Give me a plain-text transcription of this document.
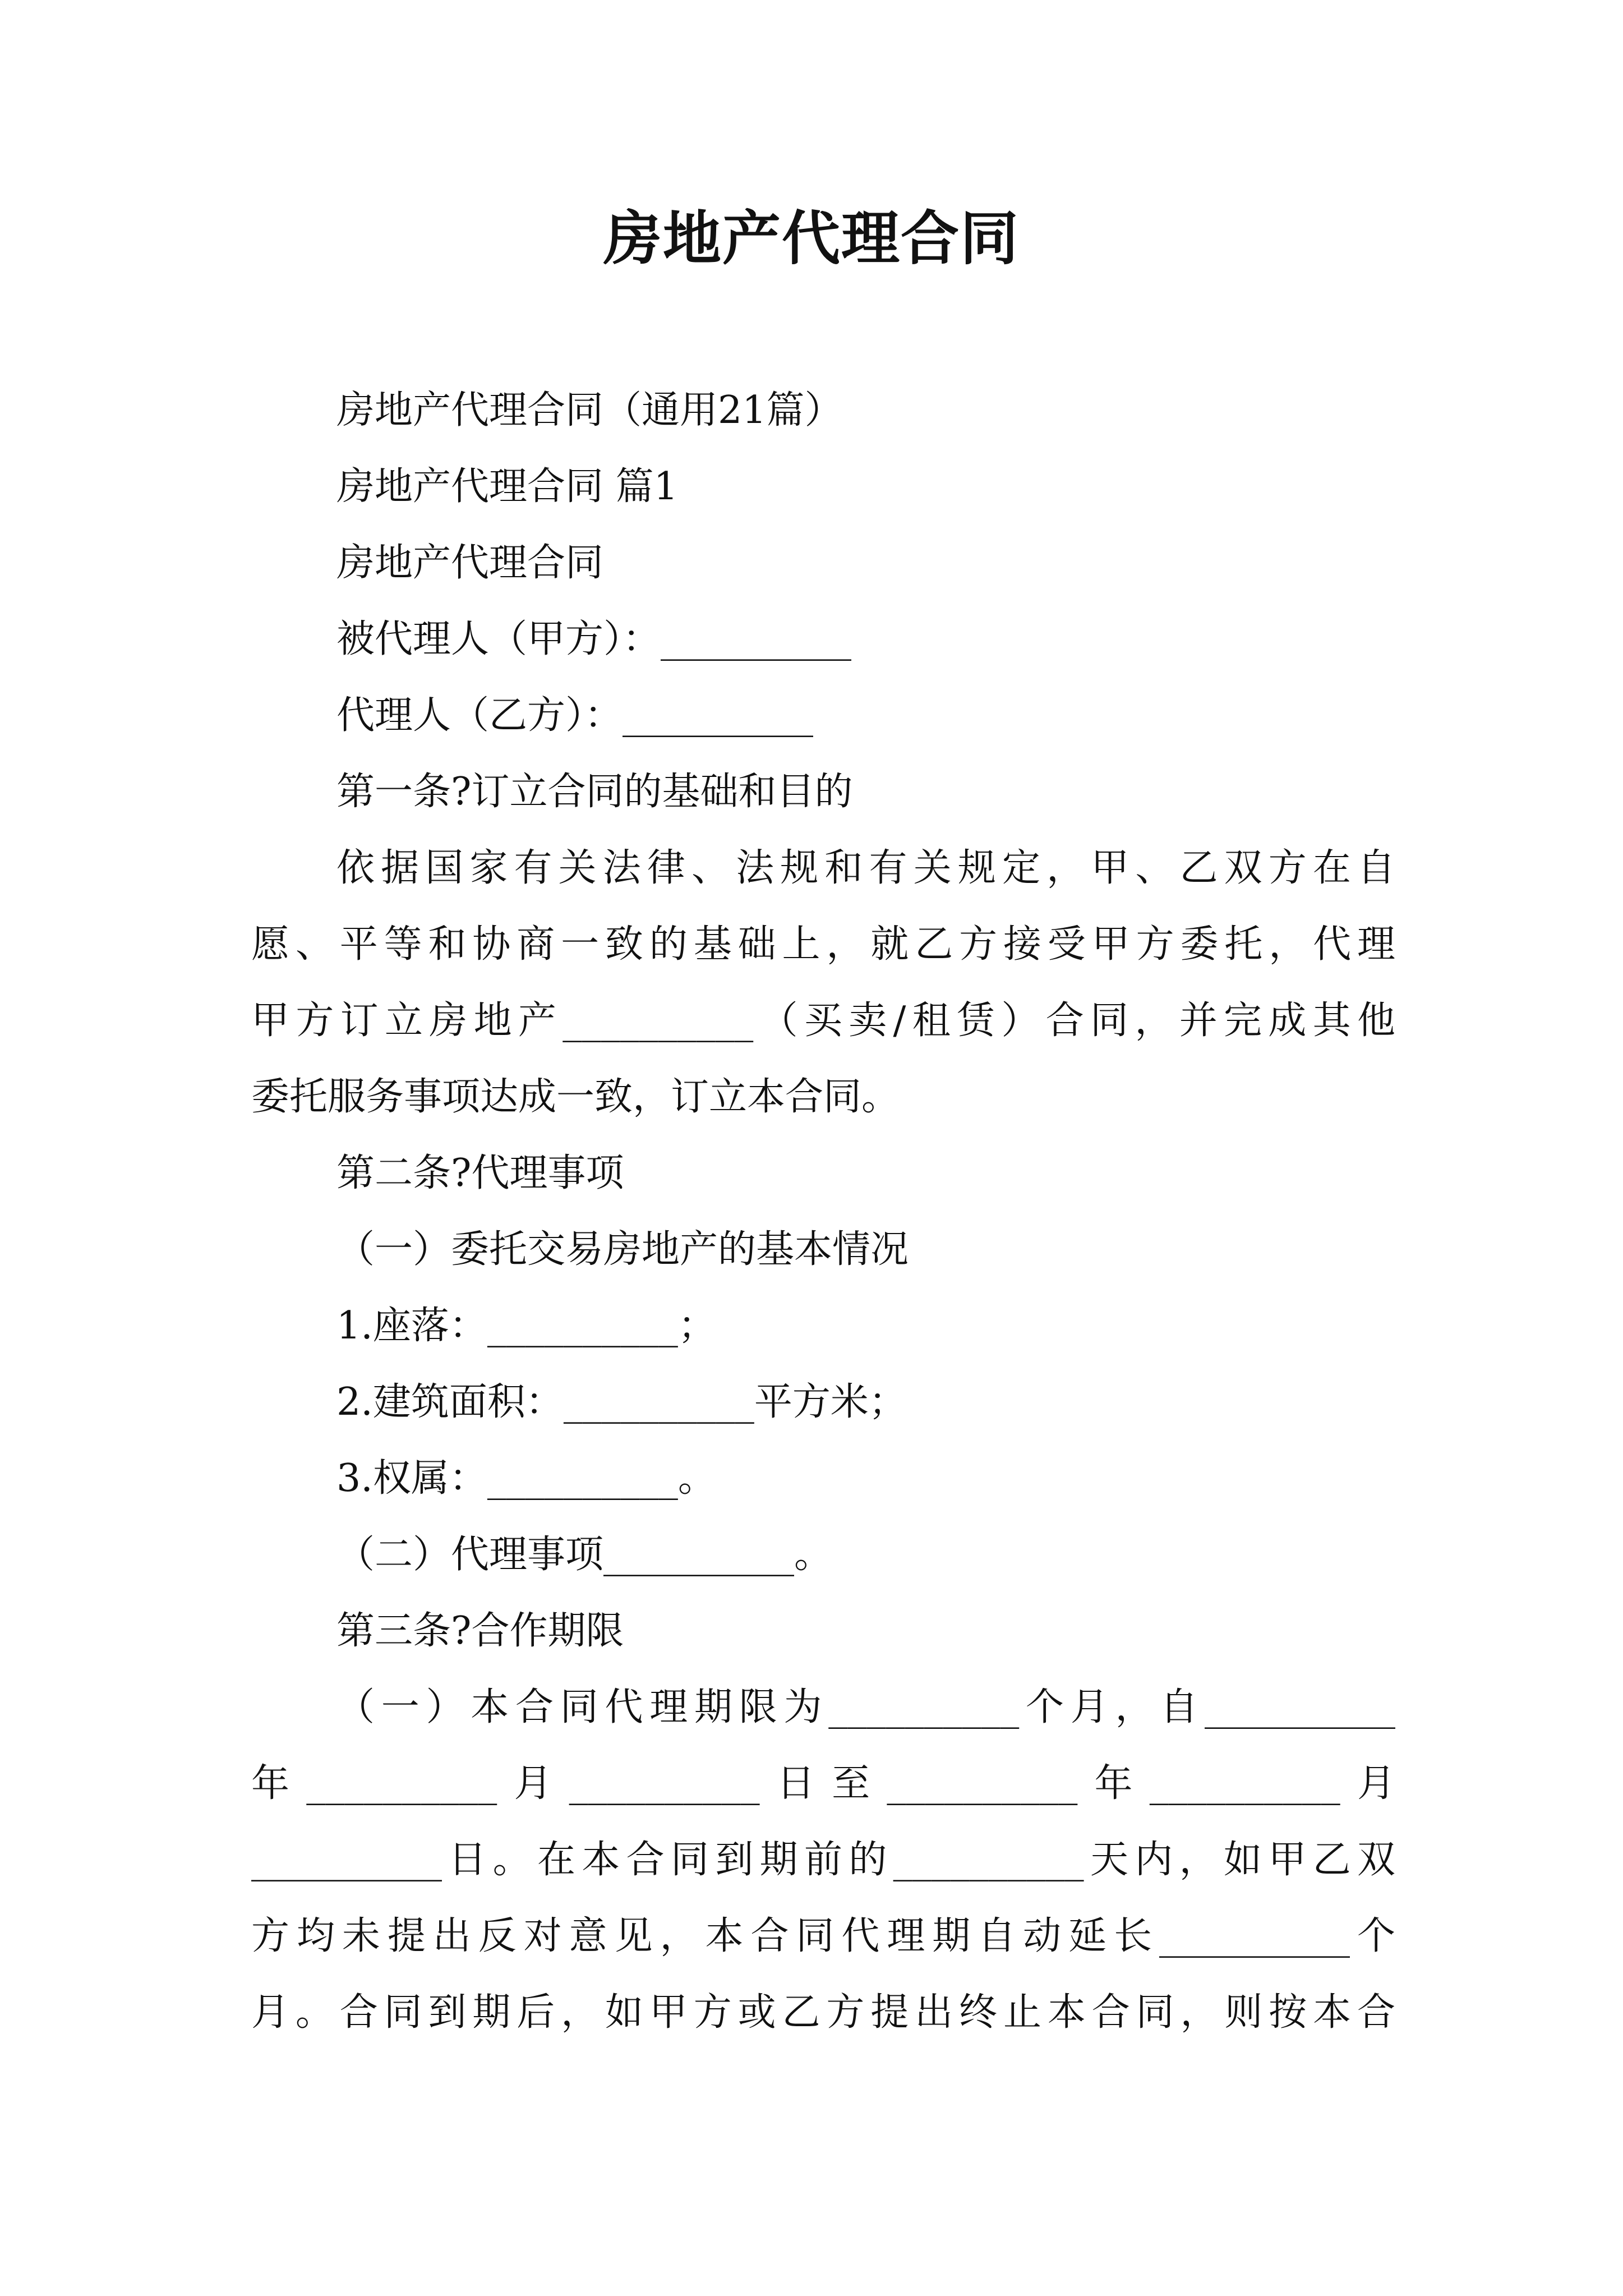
房地产代理合同
房地产代理合同（通用21篇）
房地产代理合同 篇1
房地产代理合同
被代理人（甲方）：__________
代理人（乙方）：__________
第一条?订立合同的基础和目的
依据国家有关法律、法规和有关规定，甲、乙双方在自
愿、平等和协商一致的基础上，就乙方接受甲方委托，代理
甲方订立房地产__________（买卖/租赁）合同，并完成其他
委托服务事项达成一致，订立本合同。
第二条?代理事项
（一）委托交易房地产的基本情况
1.座落：__________；
2.建筑面积：__________平方米；
3.权属：__________。
（二）代理事项__________。
第三条?合作期限
（一）本合同代理期限为__________个月，自__________
年__________月__________日至__________年__________月
__________日。在本合同到期前的__________天内，如甲乙双
方均未提出反对意见，本合同代理期自动延长__________个
月。合同到期后，如甲方或乙方提出终止本合同，则按本合
